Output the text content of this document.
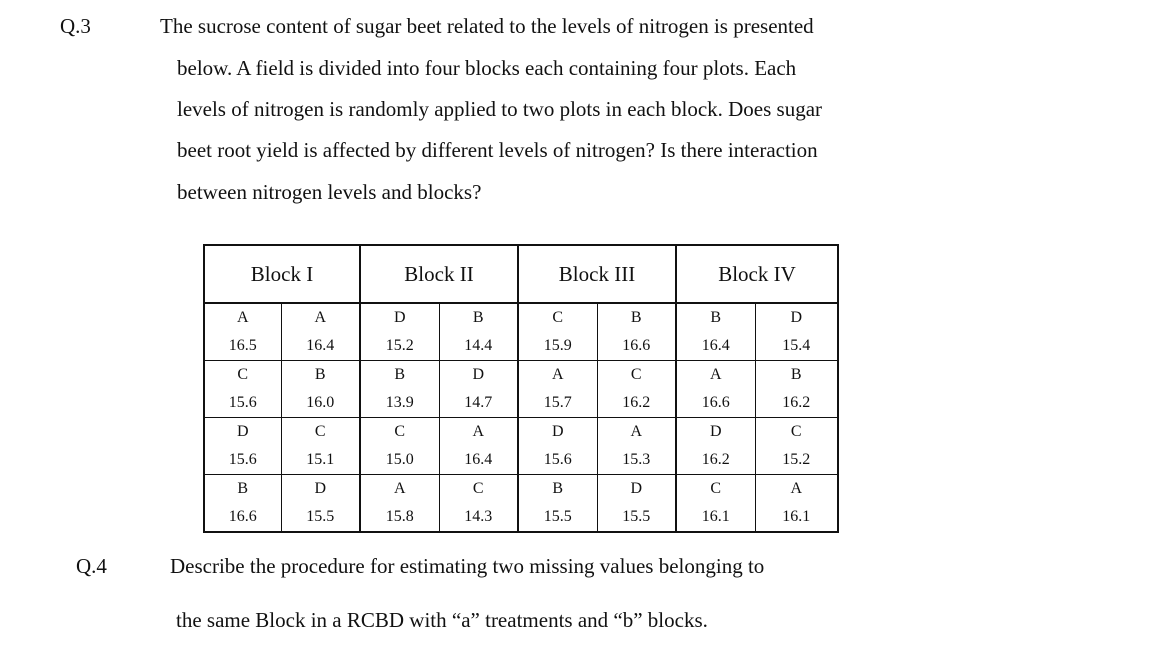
Q.3	The sucrose content of sugar beet related to the levels of nitrogen is presented
below. A field is divided into four blocks each containing four plots. Each
levels of nitrogen is randomly applied to two plots in each block. Does sugar
beet root yield is affected by different levels of nitrogen? Is there interaction
between nitrogen levels and blocks?
Block I		Block II		Block III		Block IV	
A	A	D	B	C	B	B	D
16.5	16.4	15.2	14.4	15.9	16.6	16.4	15.4
C	B	B	D	A	C	A	B
15.6	16.0	13.9	14.7	15.7	16.2	16.6	16.2
D	C	C	A	D	A	D	C
15.6	15.1	15.0	16.4	15.6	15.3	16.2	15.2
B	D	A	C	B	D	C	A
16.6	15.5	15.8	14.3	15.5	15.5	16.1	16.1
Q.4	Describe the procedure for estimating two missing values belonging to
the same Block in a RCBD with “a” treatments and “b” blocks.
